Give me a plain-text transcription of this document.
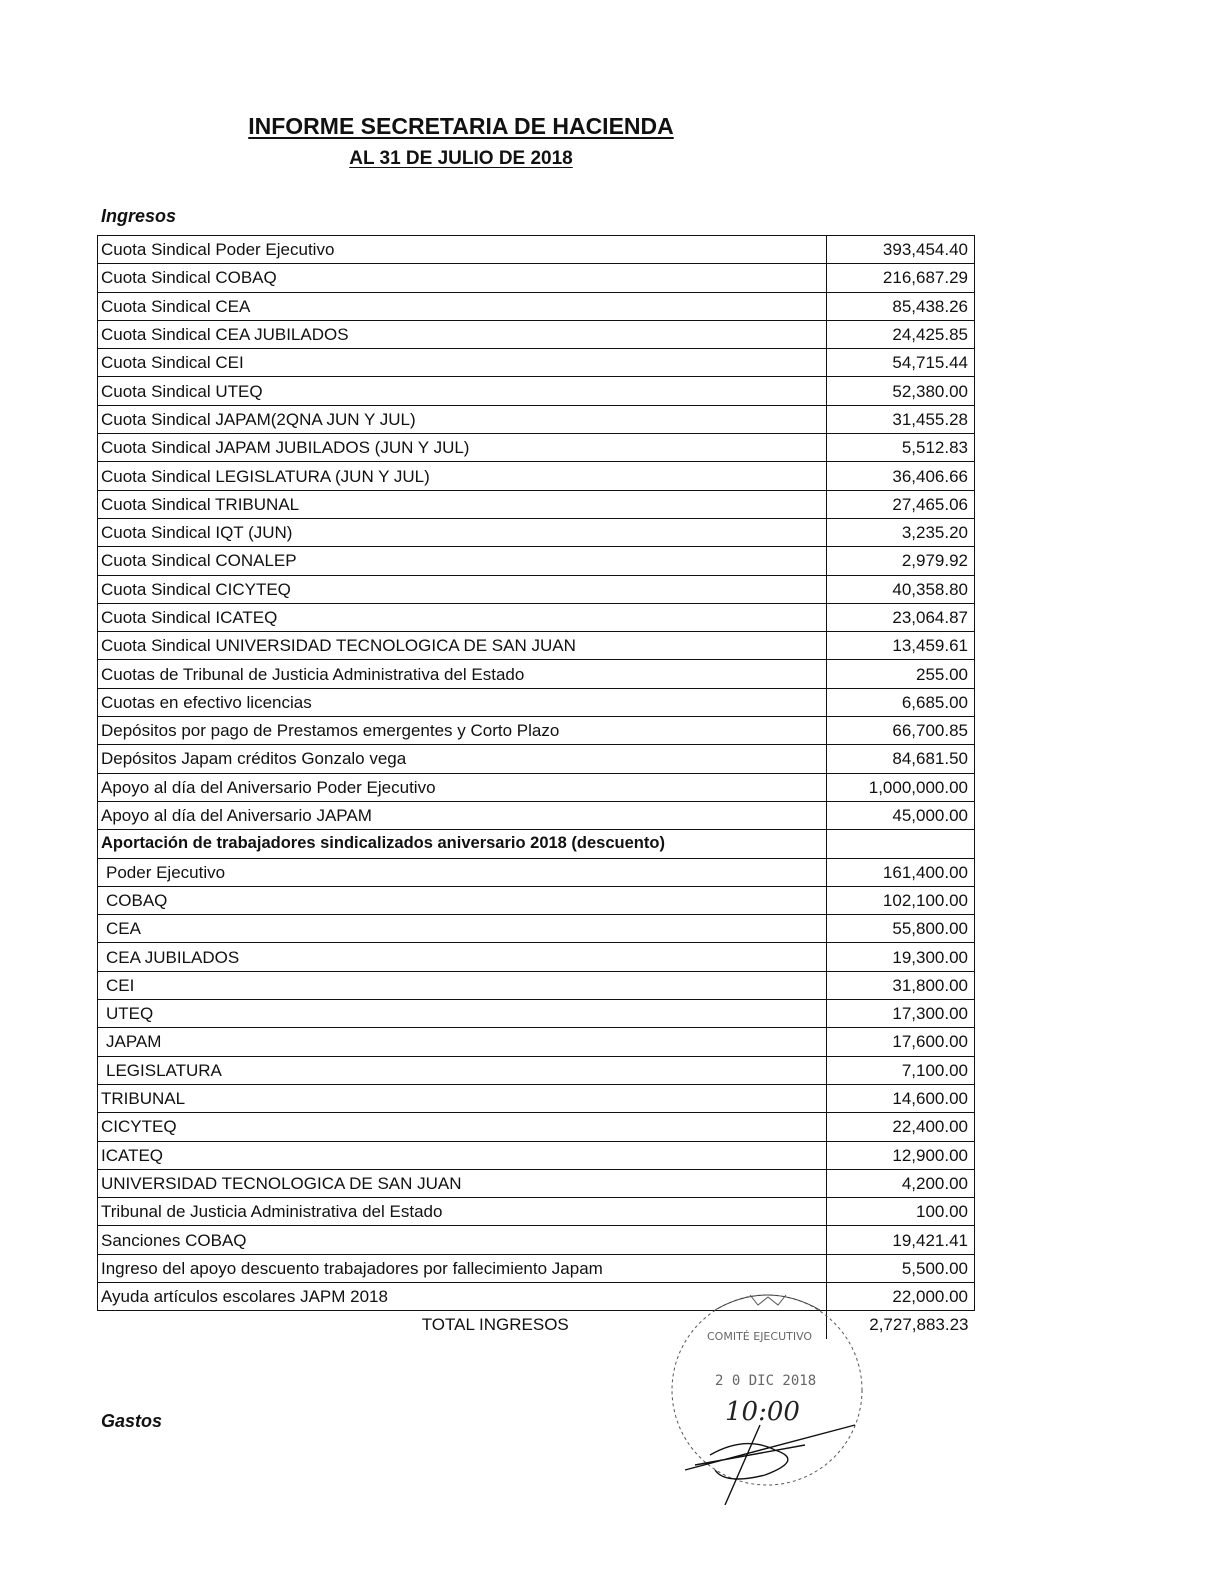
INFORME SECRETARIA DE HACIENDA
AL 31 DE JULIO DE 2018
Ingresos
Cuota Sindical Poder Ejecutivo	393,454.40
Cuota Sindical COBAQ	216,687.29
Cuota Sindical CEA	85,438.26
Cuota Sindical CEA JUBILADOS	24,425.85
Cuota Sindical CEI	54,715.44
Cuota Sindical UTEQ	52,380.00
Cuota Sindical JAPAM(2QNA JUN Y JUL)	31,455.28
Cuota Sindical JAPAM JUBILADOS (JUN Y JUL)	5,512.83
Cuota Sindical LEGISLATURA (JUN Y JUL)	36,406.66
Cuota Sindical TRIBUNAL	27,465.06
Cuota Sindical IQT (JUN)	3,235.20
Cuota Sindical CONALEP	2,979.92
Cuota Sindical CICYTEQ	40,358.80
Cuota Sindical ICATEQ	23,064.87
Cuota Sindical UNIVERSIDAD TECNOLOGICA DE SAN JUAN	13,459.61
Cuotas de Tribunal de Justicia Administrativa del Estado	255.00
Cuotas en efectivo licencias	6,685.00
Depósitos por pago de Prestamos emergentes y Corto Plazo	66,700.85
Depósitos Japam créditos Gonzalo vega	84,681.50
Apoyo al día del Aniversario Poder Ejecutivo	1,000,000.00
Apoyo al día del Aniversario JAPAM	45,000.00
Aportación de trabajadores sindicalizados aniversario 2018 (descuento)	
Poder Ejecutivo	161,400.00
COBAQ	102,100.00
CEA	55,800.00
CEA JUBILADOS	19,300.00
CEI	31,800.00
UTEQ	17,300.00
JAPAM	17,600.00
LEGISLATURA	7,100.00
TRIBUNAL	14,600.00
CICYTEQ	22,400.00
ICATEQ	12,900.00
UNIVERSIDAD TECNOLOGICA DE SAN JUAN	4,200.00
Tribunal de Justicia Administrativa del Estado	100.00
Sanciones COBAQ	19,421.41
Ingreso del apoyo descuento trabajadores por fallecimiento Japam	5,500.00
Ayuda artículos escolares JAPM 2018	22,000.00
TOTAL INGRESOS	2,727,883.23
Gastos
COMITÉ EJECUTIVO
2 0 DIC 2018
10:00
